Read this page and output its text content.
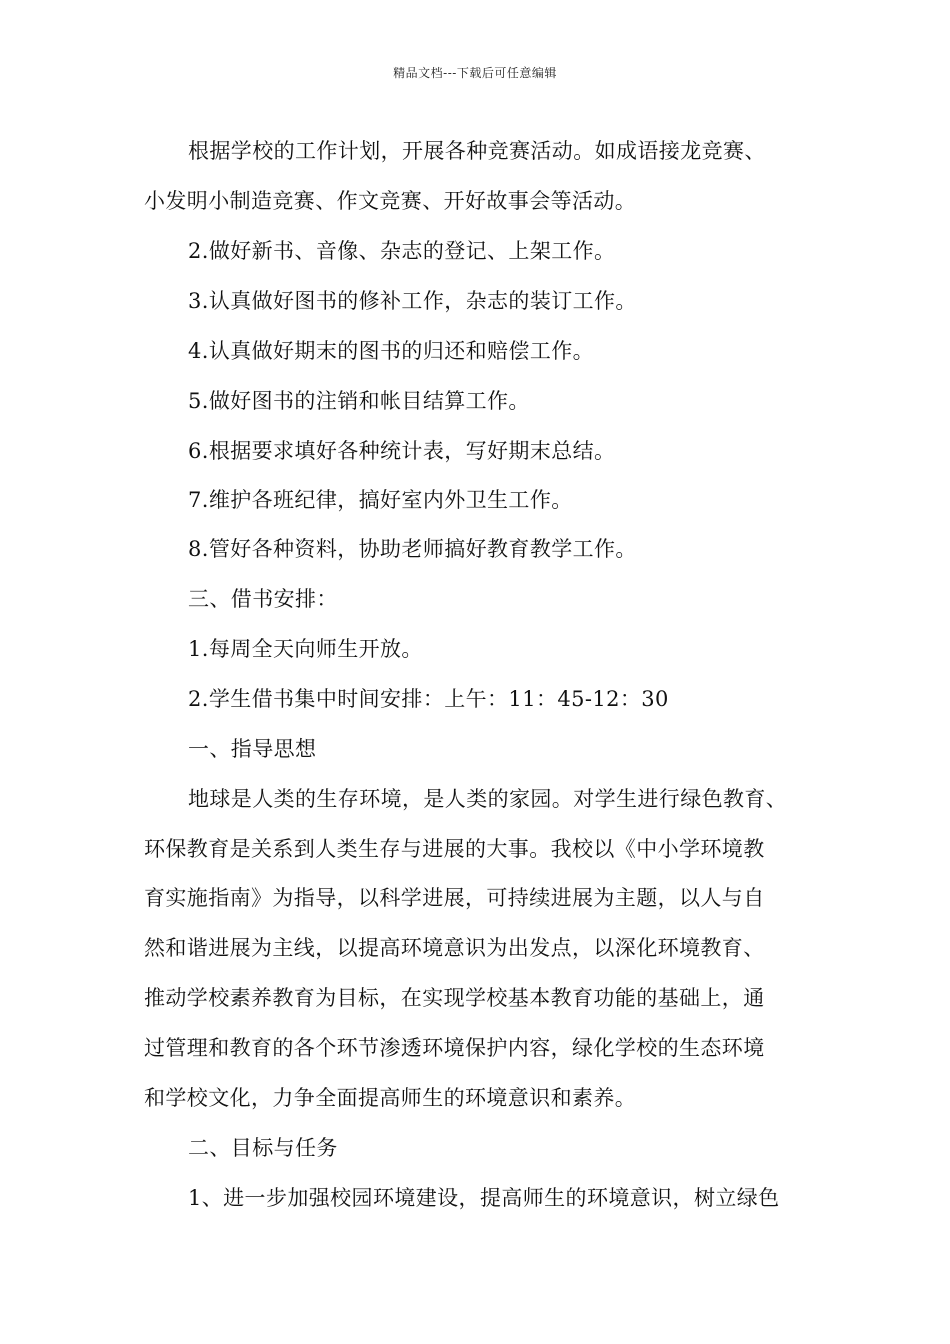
精品文档---下载后可任意编辑
根据学校的工作计划，开展各种竞赛活动。如成语接龙竞赛、
小发明小制造竞赛、作文竞赛、开好故事会等活动。
2.做好新书、音像、杂志的登记、上架工作。
3.认真做好图书的修补工作，杂志的装订工作。
4.认真做好期末的图书的归还和赔偿工作。
5.做好图书的注销和帐目结算工作。
6.根据要求填好各种统计表，写好期末总结。
7.维护各班纪律，搞好室内外卫生工作。
8.管好各种资料，协助老师搞好教育教学工作。
三、借书安排：
1.每周全天向师生开放。
2.学生借书集中时间安排：上午：11：45-12：30
一、指导思想
地球是人类的生存环境，是人类的家园。对学生进行绿色教育、
环保教育是关系到人类生存与进展的大事。我校以《中小学环境教
育实施指南》为指导，以科学进展，可持续进展为主题，以人与自
然和谐进展为主线，以提高环境意识为出发点，以深化环境教育、
推动学校素养教育为目标，在实现学校基本教育功能的基础上，通
过管理和教育的各个环节渗透环境保护内容，绿化学校的生态环境
和学校文化，力争全面提高师生的环境意识和素养。
二、目标与任务
1、进一步加强校园环境建设，提高师生的环境意识，树立绿色
